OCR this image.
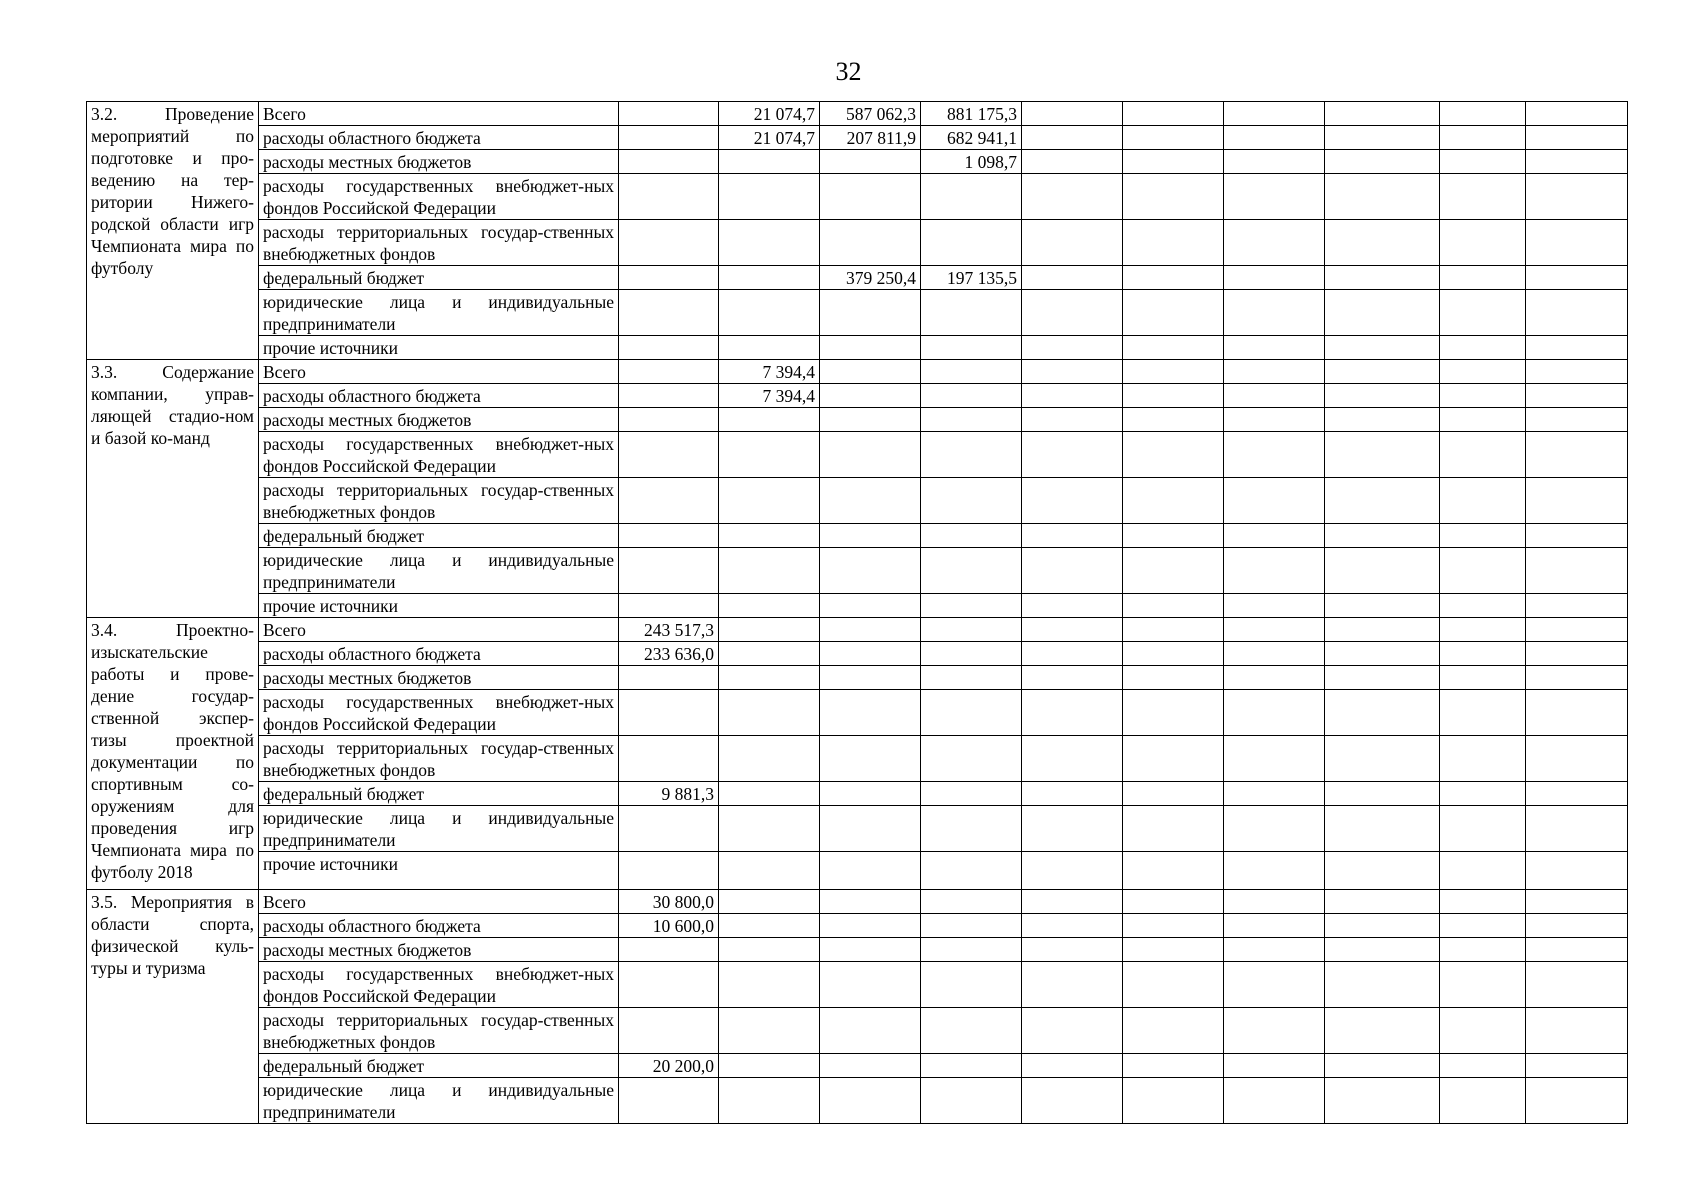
32
3.2. Проведение мероприятий по подготовке и про-ведению на тер-ритории Нижего-родской области игр Чемпионата мира по футболу	Всего		21 074,7	587 062,3	881 175,3						
	расходы областного бюджета		21 074,7	207 811,9	682 941,1						
	расходы местных бюджетов				1 098,7						
	расходы государственных внебюджет-ных фондов Российской Федерации										
	расходы территориальных государ-ственных внебюджетных фондов										
	федеральный бюджет			379 250,4	197 135,5						
	юридические лица и индивидуальные предприниматели										
	прочие источники										
3.3. Содержание компании, управ-ляющей стадио-ном и базой ко-манд	Всего		7 394,4								
	расходы областного бюджета		7 394,4								
	расходы местных бюджетов										
	расходы государственных внебюджет-ных фондов Российской Федерации										
	расходы территориальных государ-ственных внебюджетных фондов										
	федеральный бюджет										
	юридические лица и индивидуальные предприниматели										
	прочие источники										
3.4. Проектно-изыскательские работы и прове-дение государ-ственной экспер-тизы проектной документации по спортивным со-оружениям для проведения игр Чемпионата мира по футболу 2018	Всего	243 517,3									
	расходы областного бюджета	233 636,0									
	расходы местных бюджетов										
	расходы государственных внебюджет-ных фондов Российской Федерации										
	расходы территориальных государ-ственных внебюджетных фондов										
	федеральный бюджет	9 881,3									
	юридические лица и индивидуальные предприниматели										
	прочие источники										
3.5. Мероприятия в области спорта, физической куль-туры и туризма	Всего	30 800,0									
	расходы областного бюджета	10 600,0									
	расходы местных бюджетов										
	расходы государственных внебюджет-ных фондов Российской Федерации										
	расходы территориальных государ-ственных внебюджетных фондов										
	федеральный бюджет	20 200,0									
	юридические лица и индивидуальные предприниматели										
